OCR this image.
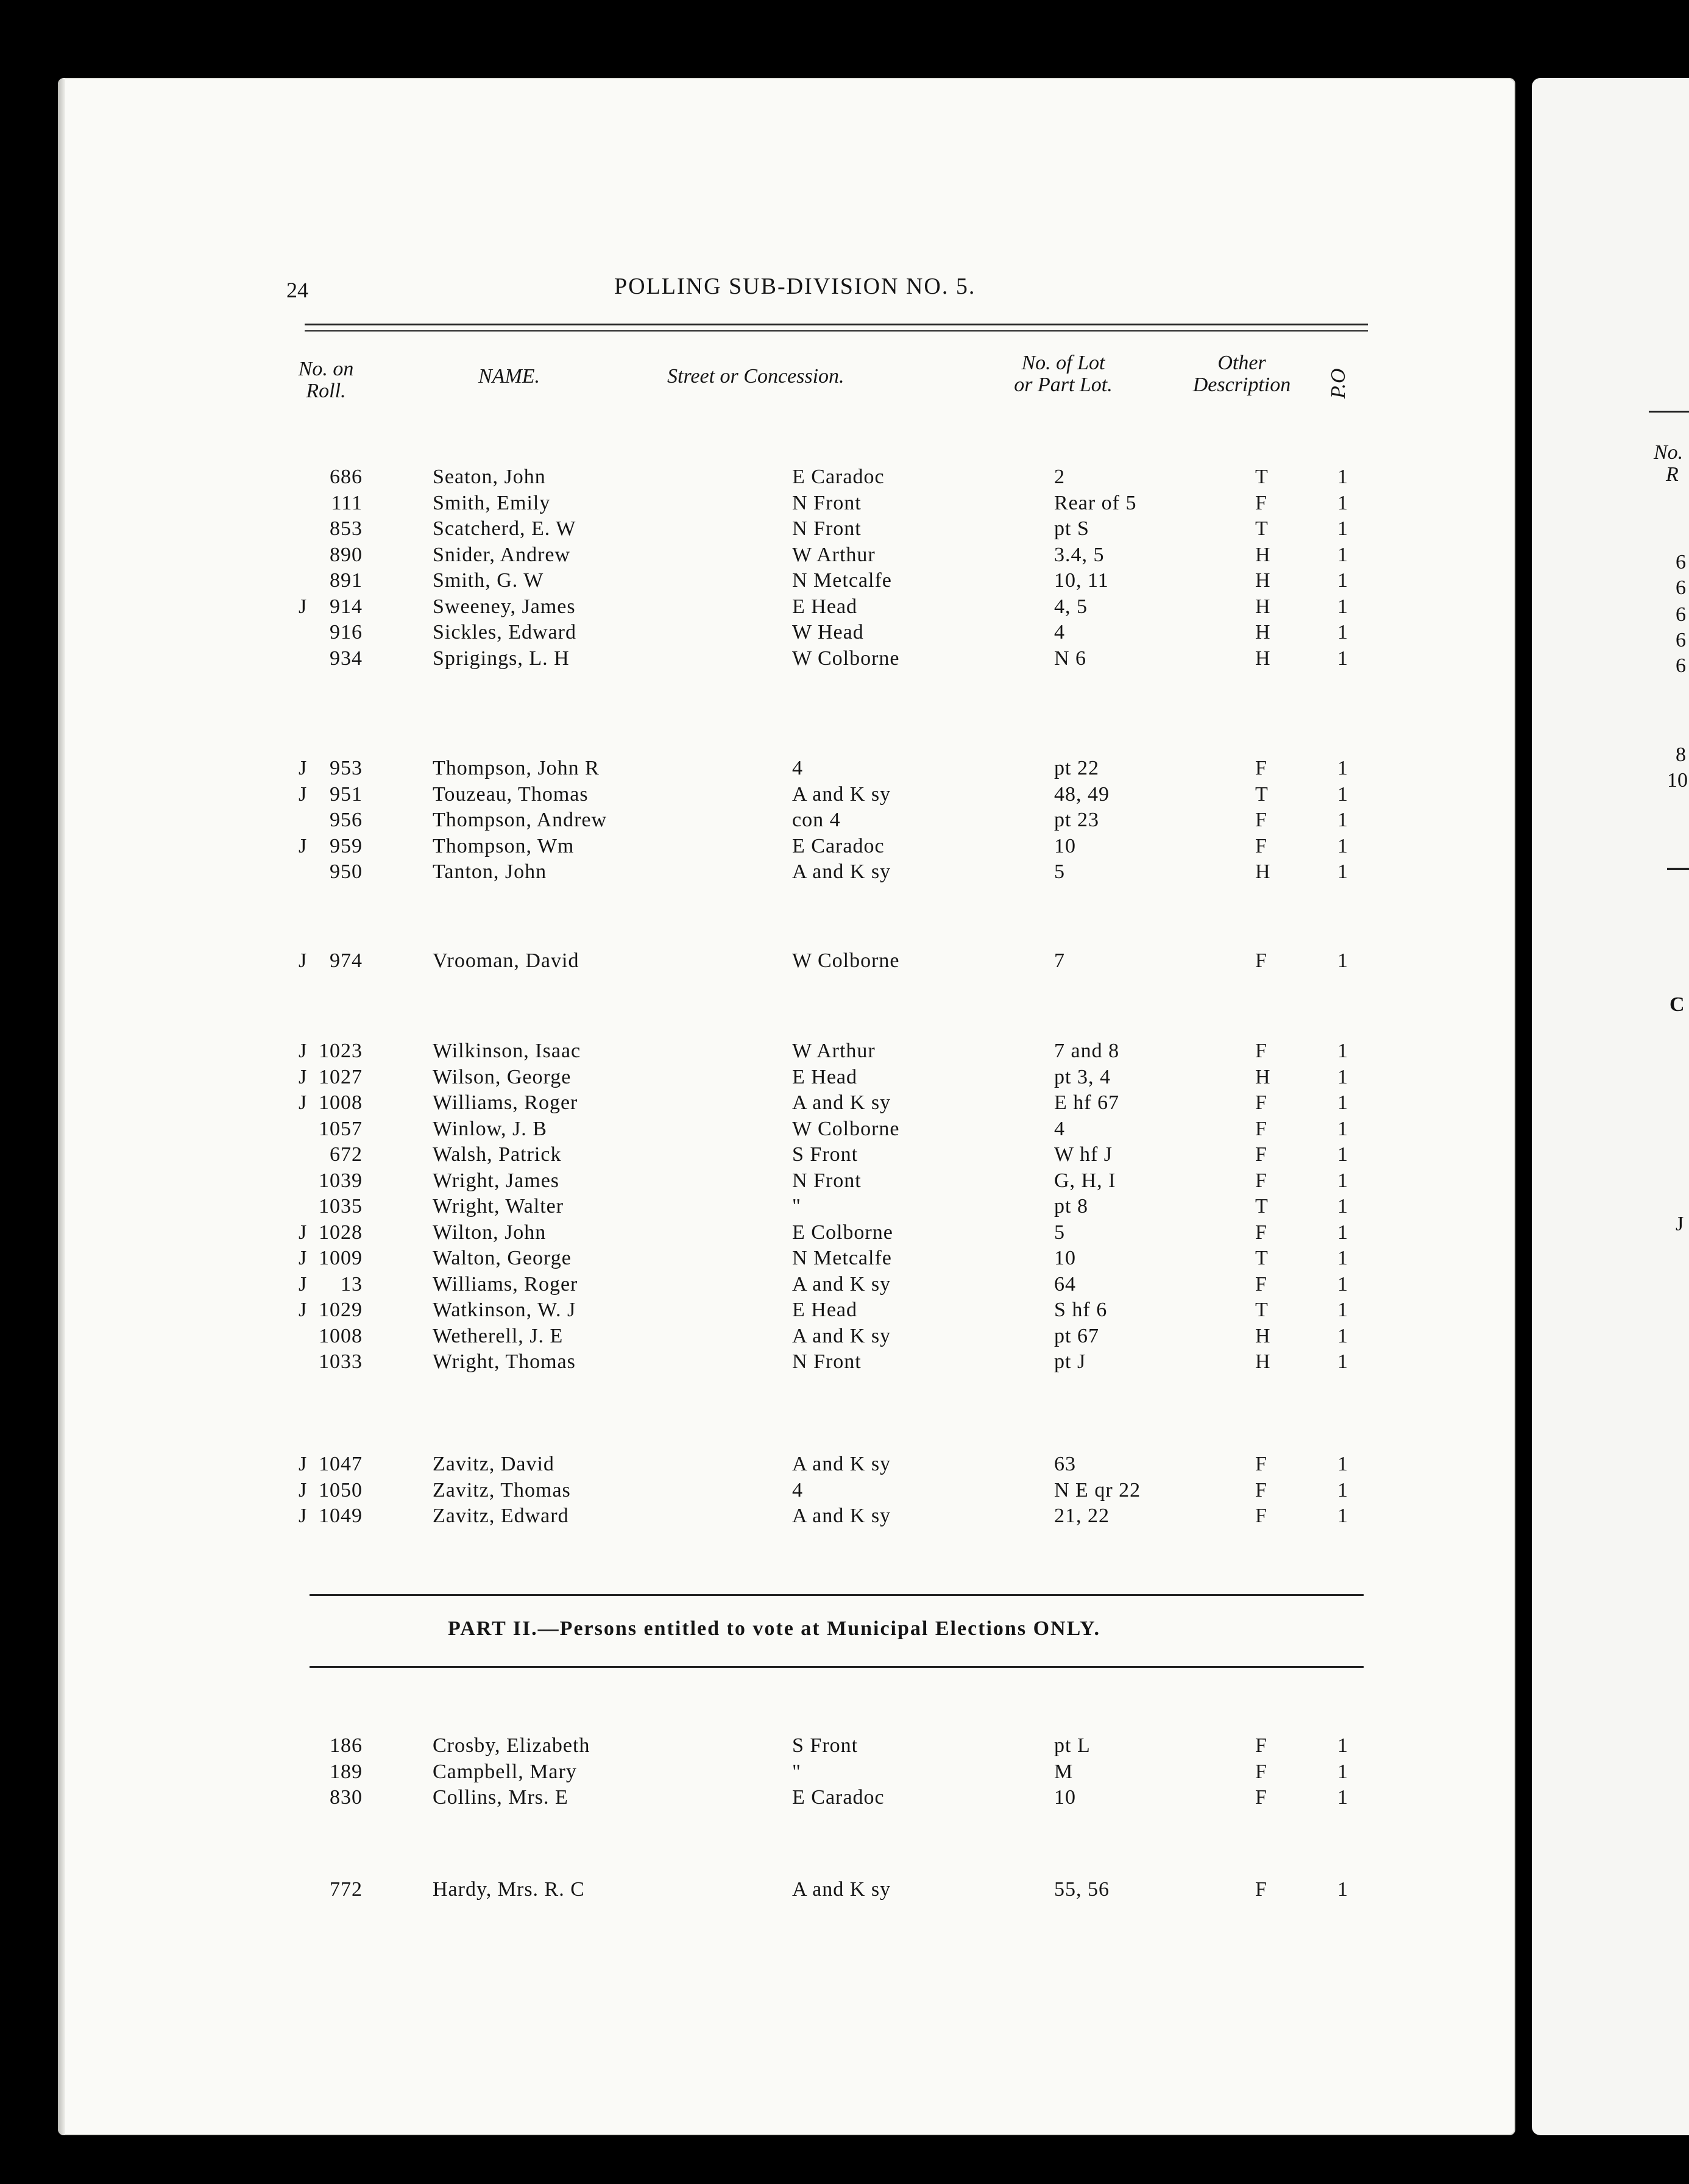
No.
R
6
6
6
6
6
8
10
C
J
24	POLLING SUB-DIVISION NO. 5.
No. on
Roll.
NAME.	Street or Concession.
No. of Lot
or Part Lot.
Other
Description	P.O
686	Seaton, John	E Caradoc	2	T	1
111	Smith, Emily	N Front	Rear of 5	F	1
853	Scatcherd, E. W	N Front	pt S	T	1
890	Snider, Andrew	W Arthur	3.4, 5	H	1
891	Smith, G. W	N Metcalfe	10, 11	H	1
J	914	Sweeney, James	E Head	4, 5	H	1
916	Sickles, Edward	W Head	4	H	1
934	Sprigings, L. H	W Colborne	N 6	H	1
J	953	Thompson, John R	4	pt 22	F	1
J	951	Touzeau, Thomas	A and K sy	48, 49	T	1
956	Thompson, Andrew	con 4	pt 23	F	1
J	959	Thompson, Wm	E Caradoc	10	F	1
950	Tanton, John	A and K sy	5	H	1
J	974	Vrooman, David	W Colborne	7	F	1
J 1023	Wilkinson, Isaac	W Arthur	7 and 8	F	1
J 1027	Wilson, George	E Head	pt 3, 4	H	1
J 1008	Williams, Roger	A and K sy	E hf 67	F	1
1057	Winlow, J. B	W Colborne	4	F	1
672	Walsh, Patrick	S Front	W hf J	F	1
1039	Wright, James	N Front	G, H, I	F	1
1035	Wright, Walter	"	pt 8	T	1
J 1028	Wilton, John	E Colborne	5	F	1
J 1009	Walton, George	N Metcalfe	10	T	1
J	13	Williams, Roger	A and K sy	64	F	1
J 1029	Watkinson, W. J	E Head	S hf 6	T	1
1008	Wetherell, J. E	A and K sy	pt 67	H	1
1033	Wright, Thomas	N Front	pt J	H	1
J 1047	Zavitz, David	A and K sy	63	F	1
J 1050	Zavitz, Thomas	4	N E qr 22	F	1
J 1049	Zavitz, Edward	A and K sy	21, 22	F	1
186	Crosby, Elizabeth	S Front	pt L	F	1
189	Campbell, Mary	"	M	F	1
830	Collins, Mrs. E	E Caradoc	10	F	1
772	Hardy, Mrs. R. C	A and K sy	55, 56	F	1
PART II.—Persons entitled to vote at Municipal Elections ONLY.
